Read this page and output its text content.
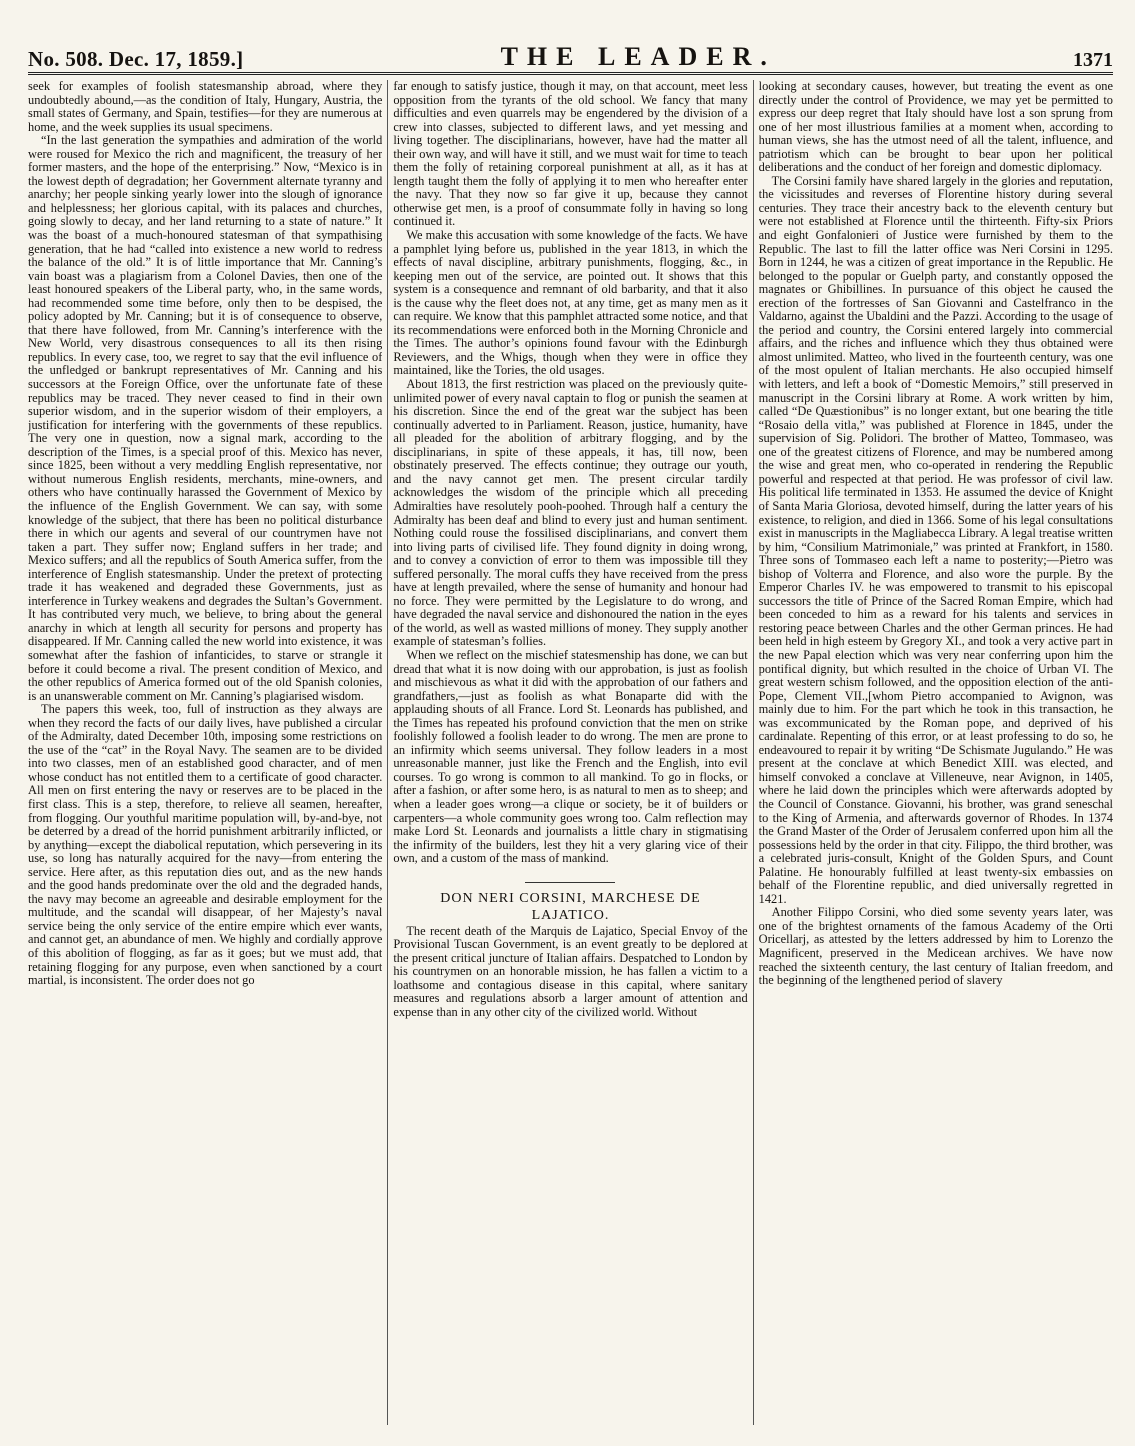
No. 508. Dec. 17, 1859.]	THE LEADER.	1371

seek for examples of foolish statesmanship abroad, where they undoubtedly abound,—as the condition of Italy, Hungary, Austria, the small states of Germany, and Spain, testifies—for they are numerous at home, and the week supplies its usual specimens.

“In the last generation the sympathies and admiration of the world were roused for Mexico the rich and magnificent, the treasury of her former masters, and the hope of the enterprising.” Now, “Mexico is in the lowest depth of degradation; her Government alternate tyranny and anarchy; her people sinking yearly lower into the slough of ignorance and helplessness; her glorious capital, with its palaces and churches, going slowly to decay, and her land returning to a state of nature.” It was the boast of a much-honoured statesman of that sympathising generation, that he had “called into existence a new world to redress the balance of the old.” It is of little importance that Mr. Canning’s vain boast was a plagiarism from a Colonel Davies, then one of the least honoured speakers of the Liberal party, who, in the same words, had recommended some time before, only then to be despised, the policy adopted by Mr. Canning; but it is of consequence to observe, that there have followed, from Mr. Canning’s interference with the New World, very disastrous consequences to all its then rising republics. In every case, too, we regret to say that the evil influence of the unfledged or bankrupt representatives of Mr. Canning and his successors at the Foreign Office, over the unfortunate fate of these republics may be traced. They never ceased to find in their own superior wisdom, and in the superior wisdom of their employers, a justification for interfering with the governments of these republics. The very one in question, now a signal mark, according to the description of the Times, is a special proof of this. Mexico has never, since 1825, been without a very meddling English representative, nor without numerous English residents, merchants, mine-owners, and others who have continually harassed the Government of Mexico by the influence of the English Government. We can say, with some knowledge of the subject, that there has been no political disturbance there in which our agents and several of our countrymen have not taken a part. They suffer now; England suffers in her trade; and Mexico suffers; and all the republics of South America suffer, from the interference of English statesmanship. Under the pretext of protecting trade it has weakened and degraded these Governments, just as interference in Turkey weakens and degrades the Sultan’s Government. It has contributed very much, we believe, to bring about the general anarchy in which at length all security for persons and property has disappeared. If Mr. Canning called the new world into existence, it was somewhat after the fashion of infanticides, to starve or strangle it before it could become a rival. The present condition of Mexico, and the other republics of America formed out of the old Spanish colonies, is an unanswerable comment on Mr. Canning’s plagiarised wisdom.

The papers this week, too, full of instruction as they always are when they record the facts of our daily lives, have published a circular of the Admiralty, dated December 10th, imposing some restrictions on the use of the “cat” in the Royal Navy. The seamen are to be divided into two classes, men of an established good character, and of men whose conduct has not entitled them to a certificate of good character. All men on first entering the navy or reserves are to be placed in the first class. This is a step, therefore, to relieve all seamen, hereafter, from flogging. Our youthful maritime population will, by-and-bye, not be deterred by a dread of the horrid punishment arbitrarily inflicted, or by anything—except the diabolical reputation, which persevering in its use, so long has naturally acquired for the navy—from entering the service. Here after, as this reputation dies out, and as the new hands and the good hands predominate over the old and the degraded hands, the navy may become an agreeable and desirable employment for the multitude, and the scandal will disappear, of her Majesty’s naval service being the only service of the entire empire which ever wants, and cannot get, an abundance of men. We highly and cordially approve of this abolition of flogging, as far as it goes; but we must add, that retaining flogging for any purpose, even when sanctioned by a court martial, is inconsistent. The order does not go

far enough to satisfy justice, though it may, on that account, meet less opposition from the tyrants of the old school. We fancy that many difficulties and even quarrels may be engendered by the division of a crew into classes, subjected to different laws, and yet messing and living together. The disciplinarians, however, have had the matter all their own way, and will have it still, and we must wait for time to teach them the folly of retaining corporeal punishment at all, as it has at length taught them the folly of applying it to men who hereafter enter the navy. That they now so far give it up, because they cannot otherwise get men, is a proof of consummate folly in having so long continued it.

We make this accusation with some knowledge of the facts. We have a pamphlet lying before us, published in the year 1813, in which the effects of naval discipline, arbitrary punishments, flogging, &c., in keeping men out of the service, are pointed out. It shows that this system is a consequence and remnant of old barbarity, and that it also is the cause why the fleet does not, at any time, get as many men as it can require. We know that this pamphlet attracted some notice, and that its recommendations were enforced both in the Morning Chronicle and the Times. The author’s opinions found favour with the Edinburgh Reviewers, and the Whigs, though when they were in office they maintained, like the Tories, the old usages.

About 1813, the first restriction was placed on the previously quite-unlimited power of every naval captain to flog or punish the seamen at his discretion. Since the end of the great war the subject has been continually adverted to in Parliament. Reason, justice, humanity, have all pleaded for the abolition of arbitrary flogging, and by the disciplinarians, in spite of these appeals, it has, till now, been obstinately preserved. The effects continue; they outrage our youth, and the navy cannot get men. The present circular tardily acknowledges the wisdom of the principle which all preceding Admiralties have resolutely pooh-poohed. Through half a century the Admiralty has been deaf and blind to every just and human sentiment. Nothing could rouse the fossilised disciplinarians, and convert them into living parts of civilised life. They found dignity in doing wrong, and to convey a conviction of error to them was impossible till they suffered personally. The moral cuffs they have received from the press have at length prevailed, where the sense of humanity and honour had no force. They were permitted by the Legislature to do wrong, and have degraded the naval service and dishonoured the nation in the eyes of the world, as well as wasted millions of money. They supply another example of statesman’s follies.

When we reflect on the mischief statesmenship has done, we can but dread that what it is now doing with our approbation, is just as foolish and mischievous as what it did with the approbation of our fathers and grandfathers,—just as foolish as what Bonaparte did with the applauding shouts of all France. Lord St. Leonards has published, and the Times has repeated his profound conviction that the men on strike foolishly followed a foolish leader to do wrong. The men are prone to an infirmity which seems universal. They follow leaders in a most unreasonable manner, just like the French and the English, into evil courses. To go wrong is common to all mankind. To go in flocks, or after a fashion, or after some hero, is as natural to men as to sheep; and when a leader goes wrong—a clique or society, be it of builders or carpenters—a whole community goes wrong too. Calm reflection may make Lord St. Leonards and journalists a little chary in stigmatising the infirmity of the builders, lest they hit a very glaring vice of their own, and a custom of the mass of mankind.

DON NERI CORSINI, MARCHESE DE
LAJATICO.

The recent death of the Marquis de Lajatico, Special Envoy of the Provisional Tuscan Government, is an event greatly to be deplored at the present critical juncture of Italian affairs. Despatched to London by his countrymen on an honorable mission, he has fallen a victim to a loathsome and contagious disease in this capital, where sanitary measures and regulations absorb a larger amount of attention and expense than in any other city of the civilized world. Without

looking at secondary causes, however, but treating the event as one directly under the control of Providence, we may yet be permitted to express our deep regret that Italy should have lost a son sprung from one of her most illustrious families at a moment when, according to human views, she has the utmost need of all the talent, influence, and patriotism which can be brought to bear upon her political deliberations and the conduct of her foreign and domestic diplomacy.

The Corsini family have shared largely in the glories and reputation, the vicissitudes and reverses of Florentine history during several centuries. They trace their ancestry back to the eleventh century but were not established at Florence until the thirteenth. Fifty-six Priors and eight Gonfalonieri of Justice were furnished by them to the Republic. The last to fill the latter office was Neri Corsini in 1295. Born in 1244, he was a citizen of great importance in the Republic. He belonged to the popular or Guelph party, and constantly opposed the magnates or Ghibillines. In pursuance of this object he caused the erection of the fortresses of San Giovanni and Castelfranco in the Valdarno, against the Ubaldini and the Pazzi. According to the usage of the period and country, the Corsini entered largely into commercial affairs, and the riches and influence which they thus obtained were almost unlimited. Matteo, who lived in the fourteenth century, was one of the most opulent of Italian merchants. He also occupied himself with letters, and left a book of “Domestic Memoirs,” still preserved in manuscript in the Corsini library at Rome. A work written by him, called “De Quæstionibus” is no longer extant, but one bearing the title “Rosaio della vitla,” was published at Florence in 1845, under the supervision of Sig. Polidori. The brother of Matteo, Tommaseo, was one of the greatest citizens of Florence, and may be numbered among the wise and great men, who co-operated in rendering the Republic powerful and respected at that period. He was professor of civil law. His political life terminated in 1353. He assumed the device of Knight of Santa Maria Gloriosa, devoted himself, during the latter years of his existence, to religion, and died in 1366. Some of his legal consultations exist in manuscripts in the Magliabecca Library. A legal treatise written by him, “Consilium Matrimoniale,” was printed at Frankfort, in 1580. Three sons of Tommaseo each left a name to posterity;—Pietro was bishop of Volterra and Florence, and also wore the purple. By the Emperor Charles IV. he was empowered to transmit to his episcopal successors the title of Prince of the Sacred Roman Empire, which had been conceded to him as a reward for his talents and services in restoring peace between Charles and the other German princes. He had been held in high esteem by Gregory XI., and took a very active part in the new Papal election which was very near conferring upon him the pontifical dignity, but which resulted in the choice of Urban VI. The great western schism followed, and the opposition election of the anti-Pope, Clement VII.,[whom Pietro accompanied to Avignon, was mainly due to him. For the part which he took in this transaction, he was excommunicated by the Roman pope, and deprived of his cardinalate. Repenting of this error, or at least professing to do so, he endeavoured to repair it by writing “De Schismate Jugulando.” He was present at the conclave at which Benedict XIII. was elected, and himself convoked a conclave at Villeneuve, near Avignon, in 1405, where he laid down the principles which were afterwards adopted by the Council of Constance. Giovanni, his brother, was grand seneschal to the King of Armenia, and afterwards governor of Rhodes. In 1374 the Grand Master of the Order of Jerusalem conferred upon him all the possessions held by the order in that city. Filippo, the third brother, was a celebrated juris-consult, Knight of the Golden Spurs, and Count Palatine. He honourably fulfilled at least twenty-six embassies on behalf of the Florentine republic, and died universally regretted in 1421.

Another Filippo Corsini, who died some seventy years later, was one of the brightest ornaments of the famous Academy of the Orti Oricellarj, as attested by the letters addressed by him to Lorenzo the Magnificent, preserved in the Medicean archives. We have now reached the sixteenth century, the last century of Italian freedom, and the beginning of the lengthened period of slavery
